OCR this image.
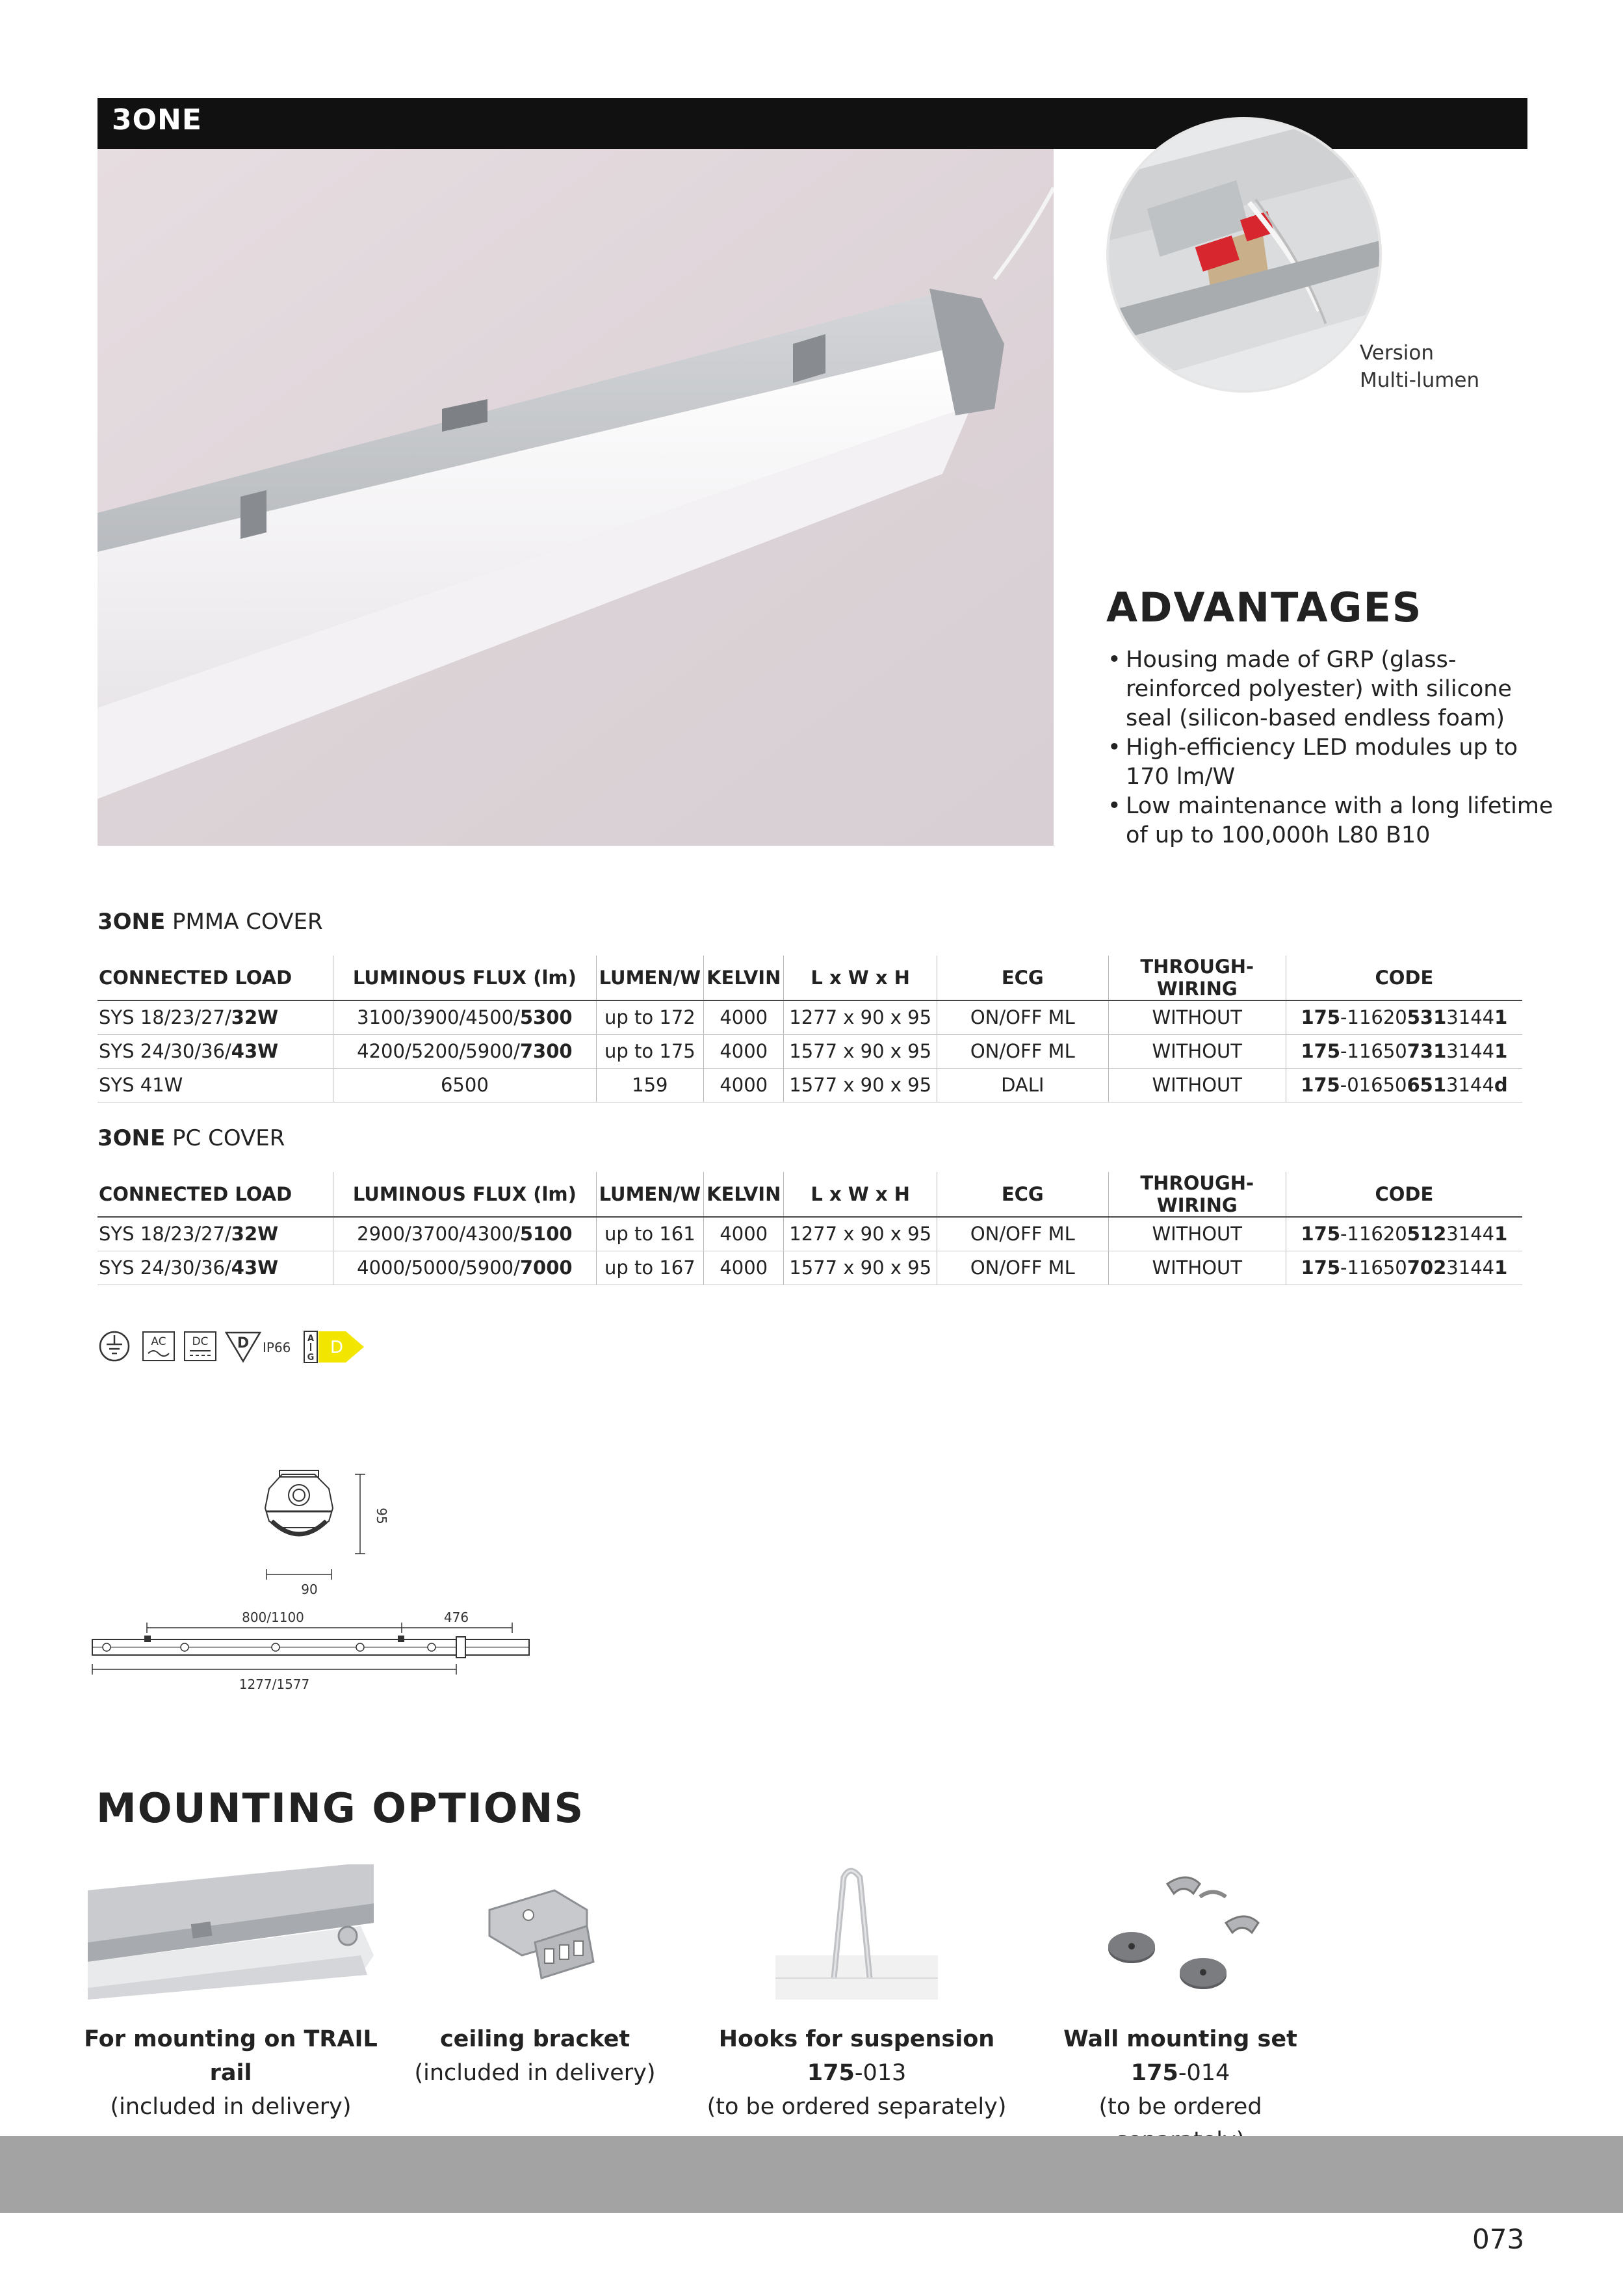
3ONE
Version
Multi-lumen
ADVANTAGES
• Housing made of GRP (glass-reinforced polyester) with silicone seal (silicon-based endless foam)
• High-efficiency LED modules up to 170 lm/W
• Low maintenance with a long lifetime of up to 100,000h L80 B10
3ONE PMMA COVER
CONNECTED LOAD	LUMINOUS FLUX (lm)	LUMEN/W	KELVIN	L x W x H	ECG	THROUGH-WIRING	CODE
SYS 18/23/27/32W	3100/3900/4500/5300	up to 172	4000	1277 x 90 x 95	ON/OFF ML	WITHOUT	175-1162053131441
SYS 24/30/36/43W	4200/5200/5900/7300	up to 175	4000	1577 x 90 x 95	ON/OFF ML	WITHOUT	175-1165073131441
SYS 41W	6500	159	4000	1577 x 90 x 95	DALI	WITHOUT	175-016506513144d
3ONE PC COVER
CONNECTED LOAD	LUMINOUS FLUX (lm)	LUMEN/W	KELVIN	L x W x H	ECG	THROUGH-WIRING	CODE
SYS 18/23/27/32W	2900/3700/4300/5100	up to 161	4000	1277 x 90 x 95	ON/OFF ML	WITHOUT	175-1162051231441
SYS 24/30/36/43W	4000/5000/5900/7000	up to 167	4000	1577 x 90 x 95	ON/OFF ML	WITHOUT	175-1165070231441
AC DC D IP66
A
G
D
95
90
800/1100	476
1277/1577
MOUNTING OPTIONS
For mounting on TRAIL rail
(included in delivery)
ceiling bracket
(included in delivery)
Hooks for suspension
175-013
(to be ordered separately)
Wall mounting set
175-014
(to be ordered
073
